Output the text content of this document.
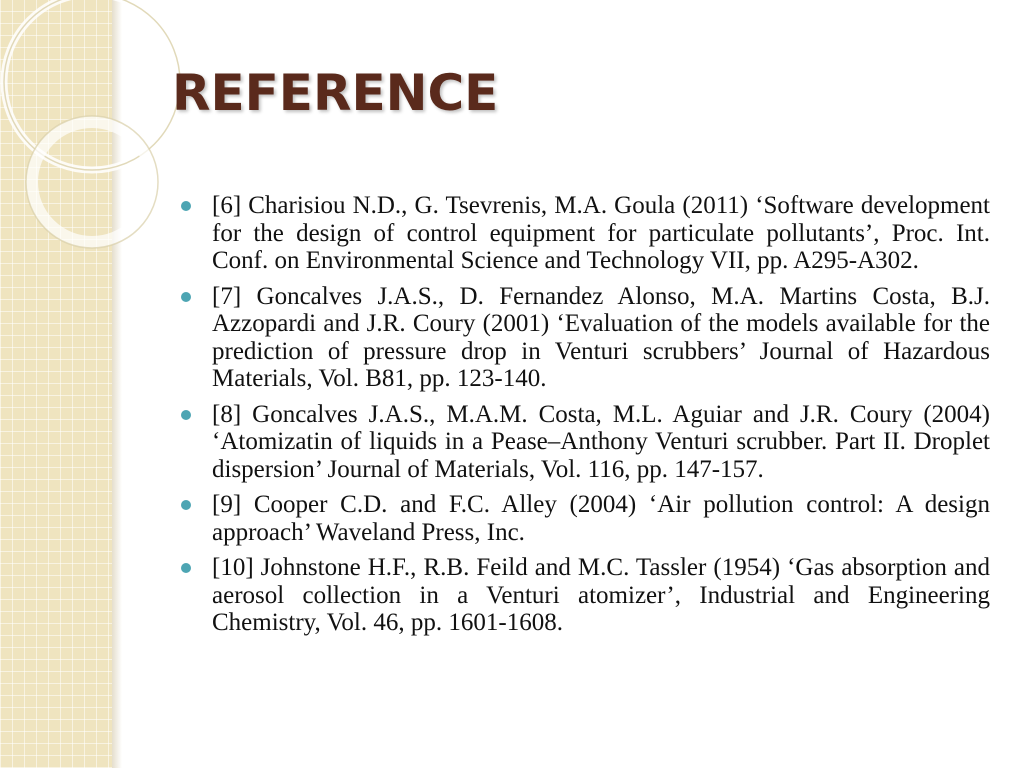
REFERENCE
[6] Charisiou N.D., G. Tsevrenis, M.A. Goula (2011) ‘Software development for the design of control equipment for particulate pollutants’, Proc. Int. Conf. on Environmental Science and Technology VII, pp. A295-A302.
[7] Goncalves J.A.S., D. Fernandez Alonso, M.A. Martins Costa, B.J. Azzopardi and J.R. Coury (2001) ‘Evaluation of the models available for the prediction of pressure drop in Venturi scrubbers’ Journal of Hazardous Materials, Vol. B81, pp. 123-140.
[8] Goncalves J.A.S., M.A.M. Costa, M.L. Aguiar and J.R. Coury (2004) ‘Atomizatin of liquids in a Pease–Anthony Venturi scrubber. Part II. Droplet dispersion’ Journal of Materials, Vol. 116, pp. 147-157.
[9] Cooper C.D. and F.C. Alley (2004) ‘Air pollution control: A design approach’ Waveland Press, Inc.
[10] Johnstone H.F., R.B. Feild and M.C. Tassler (1954) ‘Gas absorption and aerosol collection in a Venturi atomizer’, Industrial and Engineering Chemistry, Vol. 46, pp. 1601-1608.
